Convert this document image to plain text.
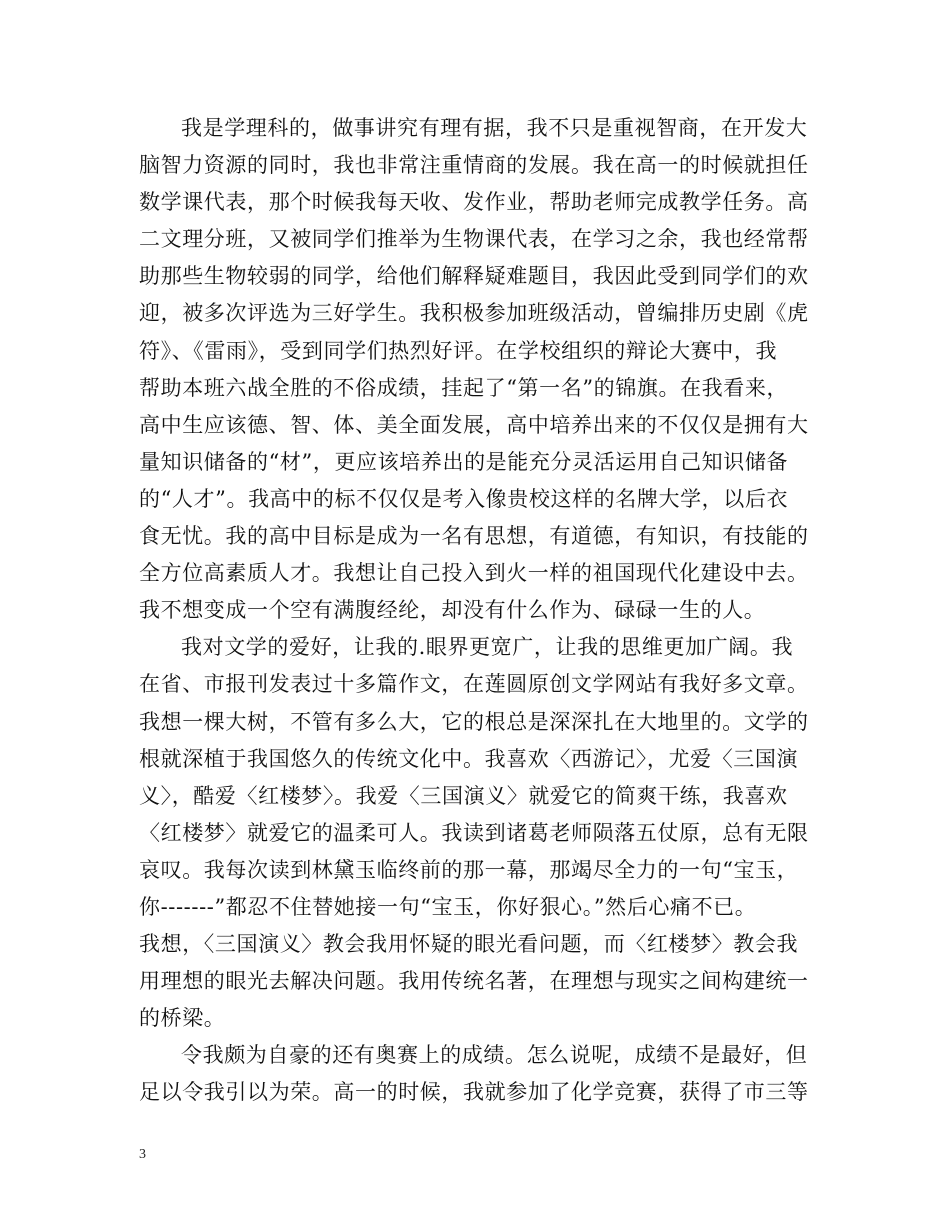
我是学理科的，做事讲究有理有据，我不只是重视智商，在开发大
脑智力资源的同时，我也非常注重情商的发展。我在高一的时候就担任
数学课代表，那个时候我每天收、发作业，帮助老师完成教学任务。高
二文理分班，又被同学们推举为生物课代表，在学习之余，我也经常帮
助那些生物较弱的同学，给他们解释疑难题目，我因此受到同学们的欢
迎，被多次评选为三好学生。我积极参加班级活动，曾编排历史剧《虎
符》、《雷雨》，受到同学们热烈好评。在学校组织的辩论大赛中，我
帮助本班六战全胜的不俗成绩，挂起了“第一名”的锦旗。在我看来，
高中生应该德、智、体、美全面发展，高中培养出来的不仅仅是拥有大
量知识储备的“材”，更应该培养出的是能充分灵活运用自己知识储备
的“人才”。我高中的标不仅仅是考入像贵校这样的名牌大学，以后衣
食无忧。我的高中目标是成为一名有思想，有道德，有知识，有技能的
全方位高素质人才。我想让自己投入到火一样的祖国现代化建设中去。
我不想变成一个空有满腹经纶，却没有什么作为、碌碌一生的人。
我对文学的爱好，让我的.眼界更宽广，让我的思维更加广阔。我
在省、市报刊发表过十多篇作文，在莲圆原创文学网站有我好多文章。
我想一棵大树，不管有多么大，它的根总是深深扎在大地里的。文学的
根就深植于我国悠久的传统文化中。我喜欢〈西游记〉，尤爱〈三国演
义〉，酷爱〈红楼梦〉。我爱〈三国演义〉就爱它的简爽干练，我喜欢
〈红楼梦〉就爱它的温柔可人。我读到诸葛老师陨落五仗原，总有无限
哀叹。我每次读到林黛玉临终前的那一幕，那竭尽全力的一句“宝玉，
你-------”都忍不住替她接一句“宝玉，你好狠心。”然后心痛不已。
我想，〈三国演义〉教会我用怀疑的眼光看问题，而〈红楼梦〉教会我
用理想的眼光去解决问题。我用传统名著，在理想与现实之间构建统一
的桥梁。
令我颇为自豪的还有奥赛上的成绩。怎么说呢，成绩不是最好，但
足以令我引以为荣。高一的时候，我就参加了化学竞赛，获得了市三等
3
